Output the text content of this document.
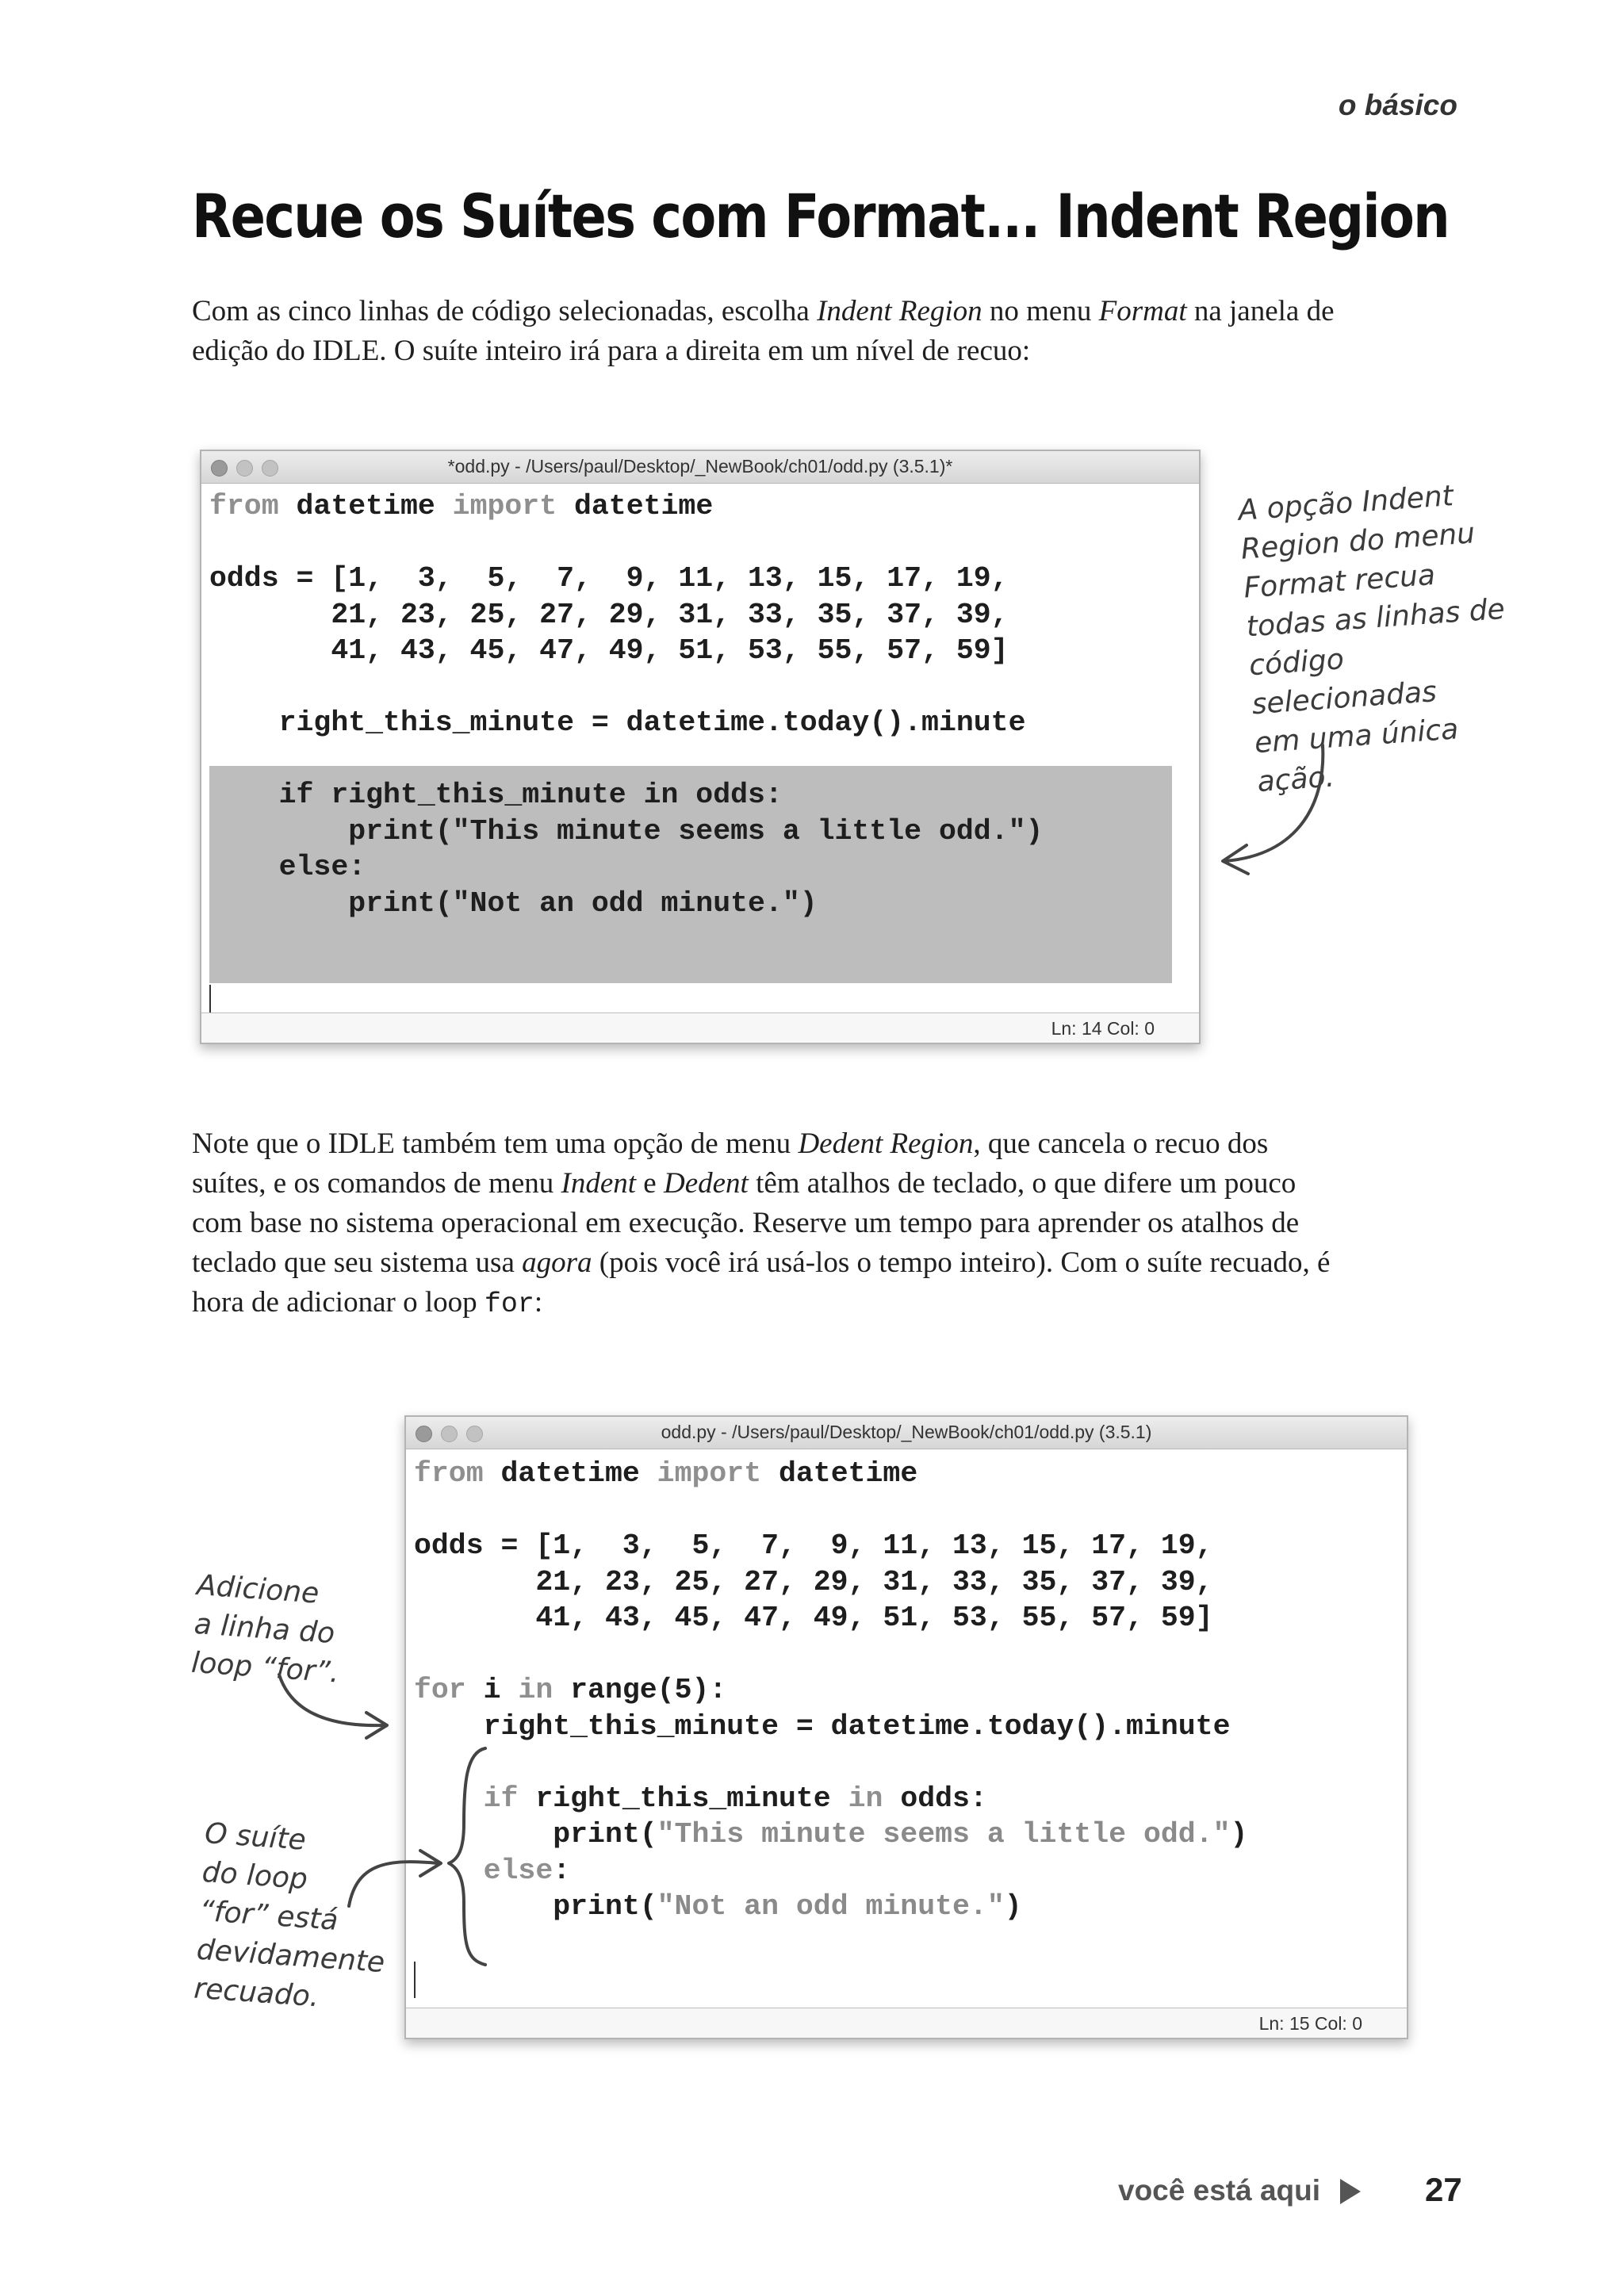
o básico
Recue os Suítes com Format... Indent Region

Com as cinco linhas de código selecionadas, escolha Indent Region no menu Format na janela de edição do IDLE. O suíte inteiro irá para a direita em um nível de recuo:

*odd.py - /Users/paul/Desktop/_NewBook/ch01/odd.py (3.5.1)*
from datetime import datetime
odds = [1,  3,  5,  7,  9, 11, 13, 15, 17, 19,
21, 23, 25, 27, 29, 31, 33, 35, 37, 39,
41, 43, 45, 47, 49, 51, 53, 55, 57, 59]
right_this_minute = datetime.today().minute
if right_this_minute in odds:
print("This minute seems a little odd.")
else:
print("Not an odd minute.")
Ln: 14 Col: 0
odd.py - /Users/paul/Desktop/_NewBook/ch01/odd.py (3.5.1)
from datetime import datetime
odds = [1,  3,  5,  7,  9, 11, 13, 15, 17, 19,
21, 23, 25, 27, 29, 31, 33, 35, 37, 39,
41, 43, 45, 47, 49, 51, 53, 55, 57, 59]
for i in range(5):
right_this_minute = datetime.today().minute
if right_this_minute in odds:
print("This minute seems a little odd.")
else:
print("Not an odd minute.")
Ln: 15 Col: 0

Note que o IDLE também tem uma opção de menu Dedent Region, que cancela o recuo dos suítes, e os comandos de menu Indent e Dedent têm atalhos de teclado, o que difere um pouco com base no sistema operacional em execução. Reserve um tempo para aprender os atalhos de teclado que seu sistema usa agora (pois você irá usá-los o tempo inteiro). Com o suíte recuado, é hora de adicionar o loop for:

A opção Indent
Region do menu
Format recua
todas as linhas de
código selecionadas
em uma única ação.
Adicione
a linha do
loop “for”.
O suíte
do loop
“for” está
devidamente
recuado.
você está aqui	27
